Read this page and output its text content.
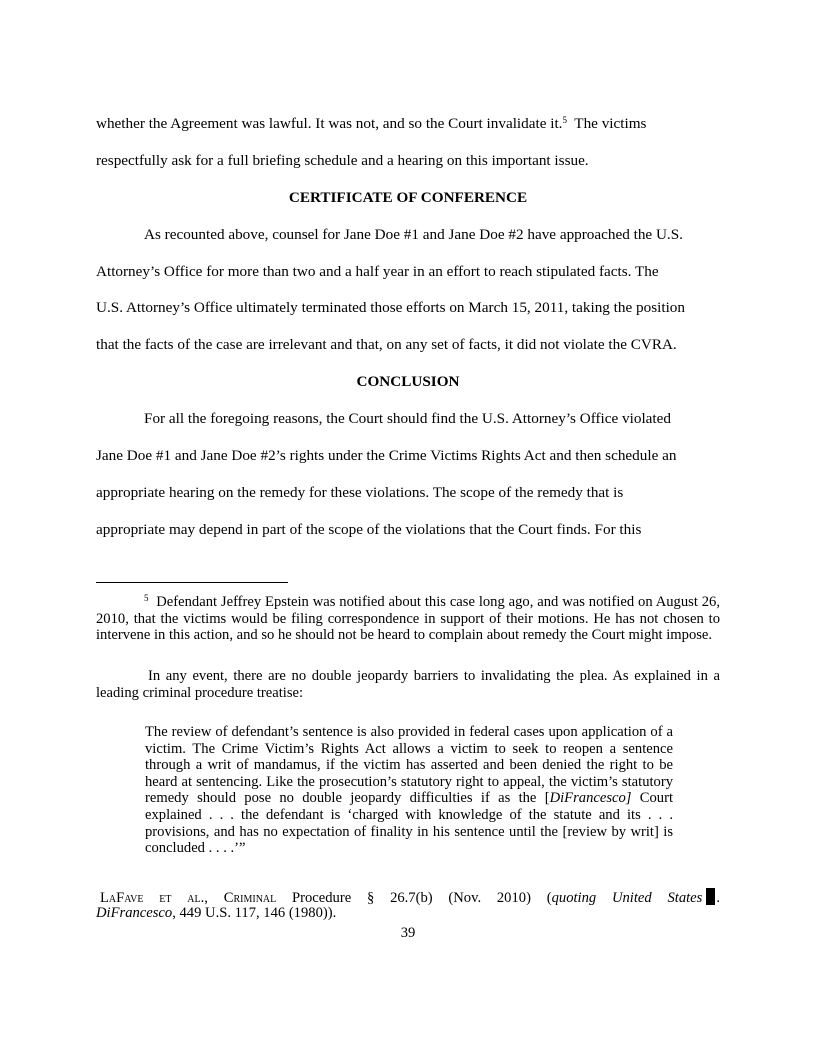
whether the Agreement was lawful. It was not, and so the Court invalidate it.$^5$  The victims
respectfully ask for a full briefing schedule and a hearing on this important issue.
CERTIFICATE OF CONFERENCE
As recounted above, counsel for Jane Doe #1 and Jane Doe #2 have approached the U.S.
Attorney’s Office for more than two and a half year in an effort to reach stipulated facts. The
U.S. Attorney’s Office ultimately terminated those efforts on March 15, 2011, taking the position
that the facts of the case are irrelevant and that, on any set of facts, it did not violate the CVRA.
CONCLUSION
For all the foregoing reasons, the Court should find the U.S. Attorney’s Office violated
Jane Doe #1 and Jane Doe #2’s rights under the Crime Victims Rights Act and then schedule an
appropriate hearing on the remedy for these violations. The scope of the remedy that is
appropriate may depend in part of the scope of the violations that the Court finds. For this
$^5$ Defendant Jeffrey Epstein was notified about this case long ago, and was notified on August 26, 2010, that the victims would be filing correspondence in support of their motions. He has not chosen to intervene in this action, and so he should not be heard to complain about remedy the Court might impose.
In any event, there are no double jeopardy barriers to invalidating the plea. As explained in a leading criminal procedure treatise:
The review of defendant’s sentence is also provided in federal cases upon application of a victim. The Crime Victim’s Rights Act allows a victim to seek to reopen a sentence through a writ of mandamus, if the victim has asserted and been denied the right to be heard at sentencing. Like the prosecution’s statutory right to appeal, the victim’s statutory remedy should pose no double jeopardy difficulties if as the [DiFrancesco] Court explained . . . the defendant is ‘charged with knowledge of the statute and its . . . provisions, and has no expectation of finality in his sentence until the [review by writ] is concluded . . . .’”
LaFave et al., Criminal Procedure § 26.7(b) (Nov. 2010) (quoting United States .
DiFrancesco, 449 U.S. 117, 146 (1980)).
39
